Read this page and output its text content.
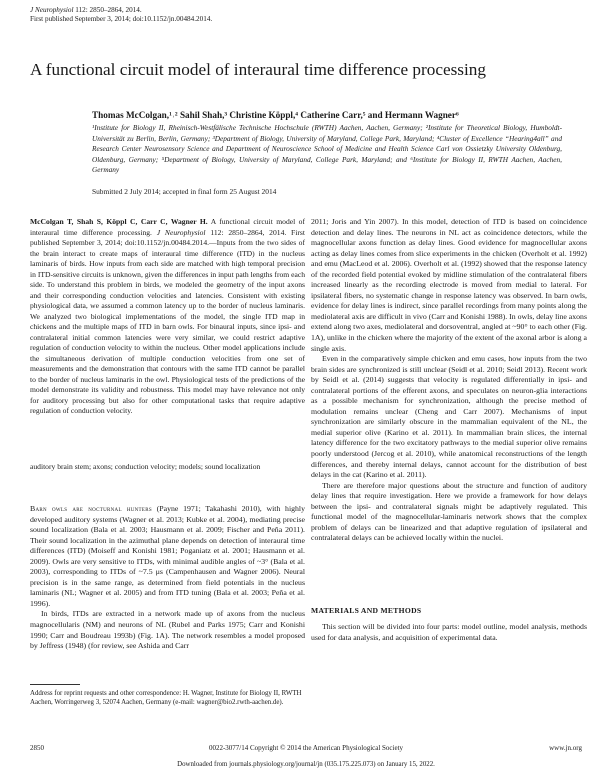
J Neurophysiol 112: 2850–2864, 2014.
First published September 3, 2014; doi:10.1152/jn.00484.2014.
A functional circuit model of interaural time difference processing
Thomas McColgan,¹˒² Sahil Shah,³ Christine Köppl,⁴ Catherine Carr,⁵ and Hermann Wagner⁶
¹Institute for Biology II, Rheinisch-Westfälische Technische Hochschule (RWTH) Aachen, Aachen, Germany; ²Institute for Theoretical Biology, Humboldt-Universität zu Berlin, Berlin, Germany; ³Department of Biology, University of Maryland, College Park, Maryland; ⁴Cluster of Excellence “Hearing4all” and Research Center Neurosensory Science and Department of Neuroscience School of Medicine and Health Science Carl von Ossietzky University Oldenburg, Oldenburg, Germany; ⁵Department of Biology, University of Maryland, College Park, Maryland; and ⁶Institute for Biology II, RWTH Aachen, Aachen, Germany
Submitted 2 July 2014; accepted in final form 25 August 2014
McColgan T, Shah S, Köppl C, Carr C, Wagner H. A functional circuit model of interaural time difference processing. J Neurophysiol 112: 2850–2864, 2014. First published September 3, 2014; doi:10.1152/jn.00484.2014.—Inputs from the two sides of the brain interact to create maps of interaural time difference (ITD) in the nucleus laminaris of birds. How inputs from each side are matched with high temporal precision in ITD-sensitive circuits is unknown, given the differences in input path lengths from each side. To understand this problem in birds, we modeled the geometry of the input axons and their corresponding conduction velocities and latencies. Consistent with existing physiological data, we assumed a common latency up to the border of nucleus laminaris. We analyzed two biological implementations of the model, the single ITD map in chickens and the multiple maps of ITD in barn owls. For binaural inputs, since ipsi- and contralateral initial common latencies were very similar, we could restrict adaptive regulation of conduction velocity to within the nucleus. Other model applications include the simultaneous derivation of multiple conduction velocities from one set of measurements and the demonstration that contours with the same ITD cannot be parallel to the border of nucleus laminaris in the owl. Physiological tests of the predictions of the model demonstrate its validity and robustness. This model may have relevance not only for auditory processing but also for other computational tasks that require adaptive regulation of conduction velocity.
auditory brain stem; axons; conduction velocity; models; sound localization

Barn owls are nocturnal hunters (Payne 1971; Takahashi 2010), with highly developed auditory systems (Wagner et al. 2013; Kubke et al. 2004), mediating precise sound localization (Bala et al. 2003; Hausmann et al. 2009; Fischer and Peña 2011). Their sound localization in the azimuthal plane depends on detection of interaural time differences (ITD) (Moiseff and Konishi 1981; Poganiatz et al. 2001; Hausmann et al. 2009). Owls are very sensitive to ITDs, with minimal audible angles of ~3° (Bala et al. 2003), corresponding to ITDs of ~7.5 μs (Campenhausen and Wagner 2006). Neural precision is in the same range, as determined from field potentials in the nucleus laminaris (NL; Wagner et al. 2005) and from ITD tuning (Bala et al. 2003; Peña et al. 1996).

In birds, ITDs are extracted in a network made up of axons from the nucleus magnocellularis (NM) and neurons of NL (Rubel and Parks 1975; Carr and Konishi 1990; Carr and Boudreau 1993b) (Fig. 1A). The network resembles a model proposed by Jeffress (1948) (for review, see Ashida and Carr

2011; Joris and Yin 2007). In this model, detection of ITD is based on coincidence detection and delay lines. The neurons in NL act as coincidence detectors, while the magnocellular axons function as delay lines. Good evidence for magnocellular axons acting as delay lines comes from slice experiments in the chicken (Overholt et al. 1992) and emu (MacLeod et al. 2006). Overholt et al. (1992) showed that the response latency of the recorded field potential evoked by midline stimulation of the contralateral fibers increased linearly as the recording electrode is moved from medial to lateral. For ipsilateral fibers, no systematic change in response latency was observed. In barn owls, evidence for delay lines is indirect, since parallel recordings from many points along the mediolateral axis are difficult in vivo (Carr and Konishi 1988). In owls, delay line axons extend along two axes, mediolateral and dorsoventral, angled at ~90° to each other (Fig. 1A), unlike in the chicken where the majority of the extent of the axonal arbor is along a single axis.

Even in the comparatively simple chicken and emu cases, how inputs from the two brain sides are synchronized is still unclear (Seidl et al. 2010; Seidl 2013). Recent work by Seidl et al. (2014) suggests that velocity is regulated differentially in ipsi- and contralateral portions of the efferent axons, and speculates on neuron-glia interactions as a possible mechanism for synchronization, although the precise method of modulation remains unclear (Cheng and Carr 2007). Mechanisms of input synchronization are similarly obscure in the mammalian equivalent of the NL, the medial superior olive (Karino et al. 2011). In mammalian brain slices, the internal latency difference for the two excitatory pathways to the medial superior olive remains poorly understood (Jercog et al. 2010), while anatomical reconstructions of the length differences, and thereby internal delays, cannot account for the distribution of best delays in the cat (Karino et al. 2011).

There are therefore major questions about the structure and function of auditory delay lines that require investigation. Here we provide a framework for how delays between the ipsi- and contralateral signals might be adaptively regulated. This functional model of the magnocellular-laminaris network shows that the complex problem of delays can be linearized and that adaptive regulation of ipsilateral and contralateral delays can be achieved locally within the nuclei.

MATERIALS AND METHODS
This section will be divided into four parts: model outline, model analysis, methods used for data analysis, and acquisition of experimental data.
Address for reprint requests and other correspondence: H. Wagner, Institute for Biology II, RWTH Aachen, Worringerweg 3, 52074 Aachen, Germany (e-mail: wagner@bio2.rwth-aachen.de).
2850	0022-3077/14 Copyright © 2014 the American Physiological Society	www.jn.org
Downloaded from journals.physiology.org/journal/jn (035.175.225.073) on January 15, 2022.
